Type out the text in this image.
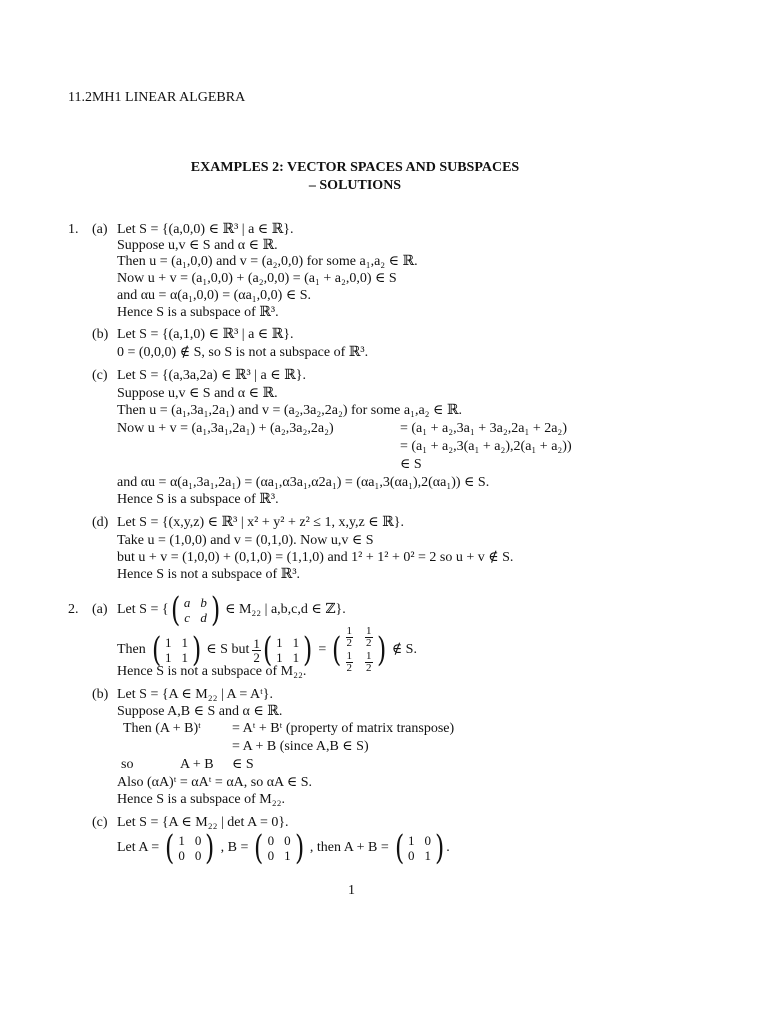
11.2MH1 LINEAR ALGEBRA
EXAMPLES 2: VECTOR SPACES AND SUBSPACES
– SOLUTIONS
1. (a) Let S = {(a,0,0) ∈ ℝ³ | a ∈ ℝ}.
Suppose u,v ∈ S and α ∈ ℝ.
Then u = (a₁,0,0) and v = (a₂,0,0) for some a₁,a₂ ∈ ℝ.
Now u + v = (a₁,0,0) + (a₂,0,0) = (a₁ + a₂,0,0) ∈ S
and αu = α(a₁,0,0) = (αa₁,0,0) ∈ S.
Hence S is a subspace of ℝ³.
(b) Let S = {(a,1,0) ∈ ℝ³ | a ∈ ℝ}.
0 = (0,0,0) ∉ S, so S is not a subspace of ℝ³.
(c) Let S = {(a,3a,2a) ∈ ℝ³ | a ∈ ℝ}.
Suppose u,v ∈ S and α ∈ ℝ.
Then u = (a₁,3a₁,2a₁) and v = (a₂,3a₂,2a₂) for some a₁,a₂ ∈ ℝ.
Now u + v = (a₁,3a₁,2a₁) + (a₂,3a₂,2a₂)	= (a₁ + a₂,3a₁ + 3a₂,2a₁ + 2a₂)
= (a₁ + a₂,3(a₁ + a₂),2(a₁ + a₂))
∈ S
and αu = α(a₁,3a₁,2a₁) = (αa₁,α3a₁,α2a₁) = (αa₁,3(αa₁),2(αa₁)) ∈ S.
Hence S is a subspace of ℝ³.
(d) Let S = {(x,y,z) ∈ ℝ³ | x² + y² + z² ≤ 1, x,y,z ∈ ℝ}.
Take u = (1,0,0) and v = (0,1,0). Now u,v ∈ S
but u + v = (1,0,0) + (0,1,0) = (1,1,0) and 1² + 1² + 0² = 2 so u + v ∉ S.
Hence S is not a subspace of ℝ³.
2. (a) Let S = { ( a b
c d ) ∈ M₂₂ | a,b,c,d ∈ ℤ}.
Then ( 1 1
1 1 ) ∈ S but $\frac{1}{2}$ ( 1 1
1 1 ) = ( $\frac{1}{2} \frac{1}{2}$
$\frac{1}{2} \frac{1}{2}$ ) ∉ S.
Hence S is not a subspace of M₂₂.
(b) Let S = {A ∈ M₂₂ | A = Aᵗ}.
Suppose A,B ∈ S and α ∈ ℝ.
Then (A + B)ᵗ = Aᵗ + Bᵗ (property of matrix transpose)
= A + B (since A,B ∈ S)
so	A + B ∈ S
Also (αA)ᵗ = αAᵗ = αA, so αA ∈ S.
Hence S is a subspace of M₂₂.
(c) Let S = {A ∈ M₂₂ | det A = 0}.
Let A = ( 1 0
0 0 ) , B = ( 0 0
0 1 ) , then A + B = ( 1 0
0 1 ) .
1
